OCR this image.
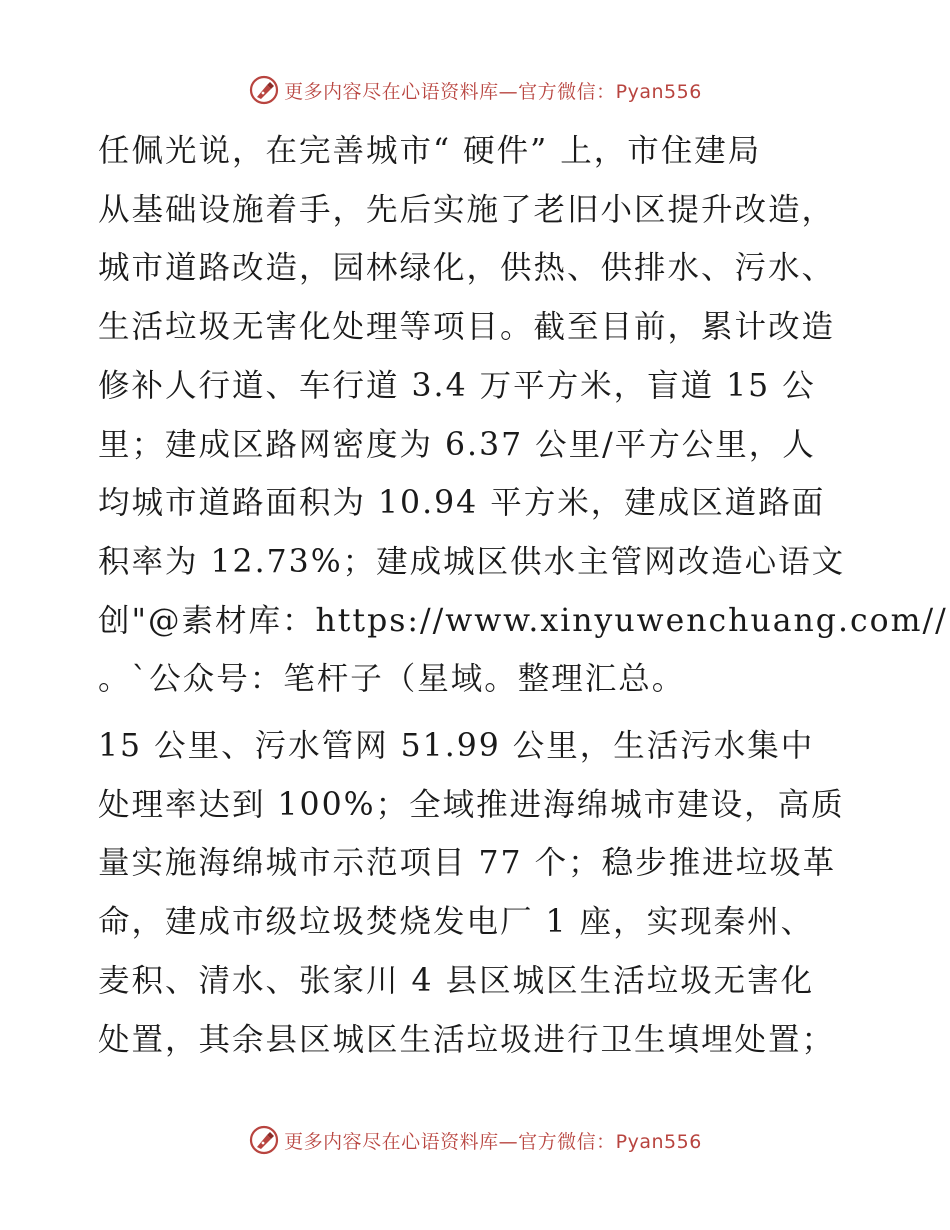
更多内容尽在心语资料库—官方微信：Pyan556

任佩光说，在完善城市“ 硬件” 上，市住建局
从基础设施着手，先后实施了老旧小区提升改造，
城市道路改造，园林绿化，供热、供排水、污水、
生活垃圾无害化处理等项目。截至目前，累计改造
修补人行道、车行道 3.4 万平方米，盲道 15 公
里；建成区路网密度为 6.37 公里/平方公里，人
均城市道路面积为 10.94 平方米，建成区道路面
积率为 12.73%；建成城区供水主管网改造心语文
创"@素材库：https://www.xinyuwenchuang.com//
。`公众号：笔杆子（星域。整理汇总。

15 公里、污水管网 51.99 公里，生活污水集中
处理率达到 100%；全域推进海绵城市建设，高质
量实施海绵城市示范项目 77 个；稳步推进垃圾革
命，建成市级垃圾焚烧发电厂 1 座，实现秦州、
麦积、清水、张家川 4 县区城区生活垃圾无害化
处置，其余县区城区生活垃圾进行卫生填埋处置；

更多内容尽在心语资料库—官方微信：Pyan556
